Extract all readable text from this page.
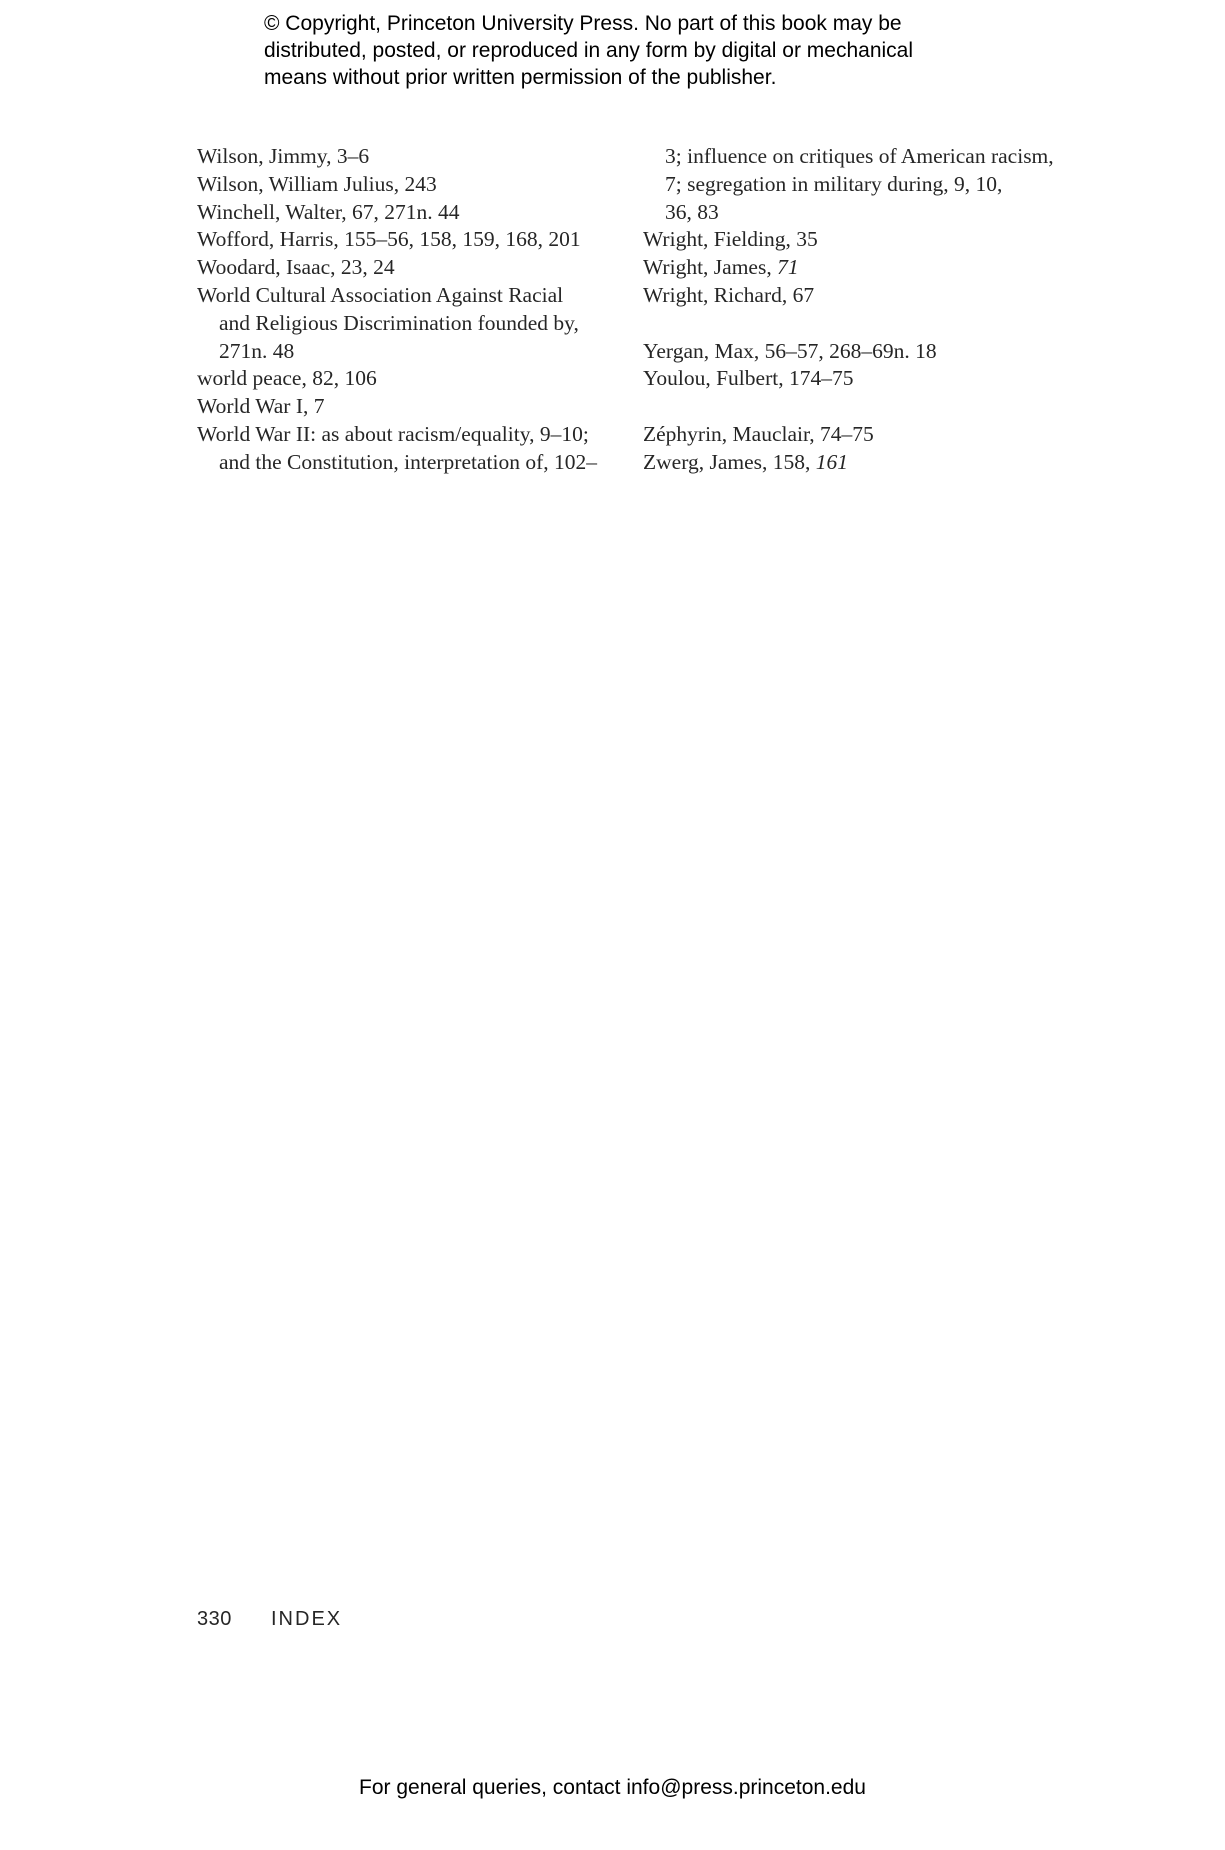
© Copyright, Princeton University Press. No part of this book may be
distributed, posted, or reproduced in any form by digital or mechanical
means without prior written permission of the publisher.
Wilson, Jimmy, 3–6
Wilson, William Julius, 243
Winchell, Walter, 67, 271n. 44
Wofford, Harris, 155–56, 158, 159, 168, 201
Woodard, Isaac, 23, 24
World Cultural Association Against Racial
and Religious Discrimination founded by,
271n. 48
world peace, 82, 106
World War I, 7
World War II: as about racism/equality, 9–10;
and the Constitution, interpretation of, 102–
3; influence on critiques of American racism,
7; segregation in military during, 9, 10,
36, 83
Wright, Fielding, 35
Wright, James, 71
Wright, Richard, 67
Yergan, Max, 56–57, 268–69n. 18
Youlou, Fulbert, 174–75
Zéphyrin, Mauclair, 74–75
Zwerg, James, 158, 161
330 INDEX
For general queries, contact info@press.princeton.edu
